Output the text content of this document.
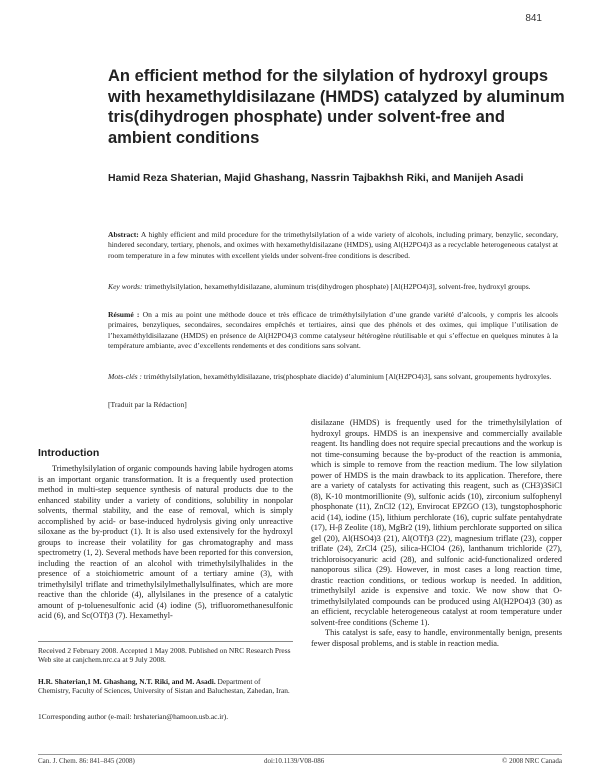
841
An efficient method for the silylation of hydroxyl groups with hexamethyldisilazane (HMDS) catalyzed by aluminum tris(dihydrogen phosphate) under solvent-free and ambient conditions

Hamid Reza Shaterian, Majid Ghashang, Nassrin Tajbakhsh Riki, and Manijeh Asadi

Abstract: A highly efficient and mild procedure for the trimethylsilylation of a wide variety of alcohols, including primary, benzylic, secondary, hindered secondary, tertiary, phenols, and oximes with hexamethyldisilazane (HMDS), using Al(H2PO4)3 as a recyclable heterogeneous catalyst at room temperature in a few minutes with excellent yields under solvent-free conditions is described.

Key words: trimethylsilylation, hexamethyldisilazane, aluminum tris(dihydrogen phosphate) [Al(H2PO4)3], solvent-free, hydroxyl groups.

Résumé : On a mis au point une méthode douce et très efficace de triméthylsilylation d’une grande variété d’alcools, y compris les alcools primaires, benzyliques, secondaires, secondaires empêchés et tertiaires, ainsi que des phénols et des oximes, qui implique l’utilisation de l’hexaméthyldisilazane (HMDS) en présence de Al(H2PO4)3 comme catalyseur hétérogène réutilisable et qui s’effectue en quelques minutes à la température ambiante, avec d’excellents rendements et des conditions sans solvant.

Mots-clés : triméthylsilylation, hexaméthyldisilazane, tris(phosphate diacide) d’aluminium [Al(H2PO4)3], sans solvant, groupements hydroxyles.

[Traduit par la Rédaction]

Introduction

Trimethylsilylation of organic compounds having labile hydrogen atoms is an important organic transformation. It is a frequently used protection method in multi-step sequence synthesis of natural products due to the enhanced stability under a variety of conditions, solubility in nonpolar solvents, thermal stability, and the ease of removal, which is simply accomplished by acid- or base-induced hydrolysis giving only unreactive siloxane as the by-product (1). It is also used extensively for the hydroxyl groups to increase their volatility for gas chromatography and mass spectrometry (1, 2). Several methods have been reported for this conversion, including the reaction of an alcohol with trimethylsilylhalides in the presence of a stoichiometric amount of a tertiary amine (3), with trimethylsilyl triflate and trimethylsilylmethallylsulfinates, which are more reactive than the chloride (4), allylsilanes in the presence of a catalytic amount of p-toluenesulfonic acid (4) iodine (5), trifluoromethanesulfonic acid (6), and Sc(OTf)3 (7). Hexamethyl-

disilazane (HMDS) is frequently used for the trimethylsilylation of hydroxyl groups. HMDS is an inexpensive and commercially available reagent. Its handling does not require special precautions and the workup is not time-consuming because the by-product of the reaction is ammonia, which is simple to remove from the reaction medium. The low silylation power of HMDS is the main drawback to its application. Therefore, there are a variety of catalysts for activating this reagent, such as (CH3)3SiCl (8), K-10 montmorillionite (9), sulfonic acids (10), zirconium sulfophenyl phosphonate (11), ZnCl2 (12), Envirocat EPZGO (13), tungstophosphoric acid (14), iodine (15), lithium perchlorate (16), cupric sulfate pentahydrate (17), H-β Zeolite (18), MgBr2 (19), lithium perchlorate supported on silica gel (20), Al(HSO4)3 (21), Al(OTf)3 (22), magnesium triflate (23), copper triflate (24), ZrCl4 (25), silica-HClO4 (26), lanthanum trichloride (27), trichloroisocyanuric acid (28), and sulfonic acid-functionalized ordered nanoporous silica (29). However, in most cases a long reaction time, drastic reaction conditions, or tedious workup is needed. In addition, trimethylsilyl azide is expensive and toxic. We now show that O-trimethylsilylated compounds can be produced using Al(H2PO4)3 (30) as an efficient, recyclable heterogeneous catalyst at room temperature under solvent-free conditions (Scheme 1).

This catalyst is safe, easy to handle, environmentally benign, presents fewer disposal problems, and is stable in reaction media.

Received 2 February 2008. Accepted 1 May 2008. Published on NRC Research Press Web site at canjchem.nrc.ca at 9 July 2008.

H.R. Shaterian,1 M. Ghashang, N.T. Riki, and M. Asadi. Department of Chemistry, Faculty of Sciences, University of Sistan and Baluchestan, Zahedan, Iran.

1Corresponding author (e-mail: hrshaterian@hamoon.usb.ac.ir).

Can. J. Chem. 86: 841–845 (2008)	doi:10.1139/V08-086	© 2008 NRC Canada
